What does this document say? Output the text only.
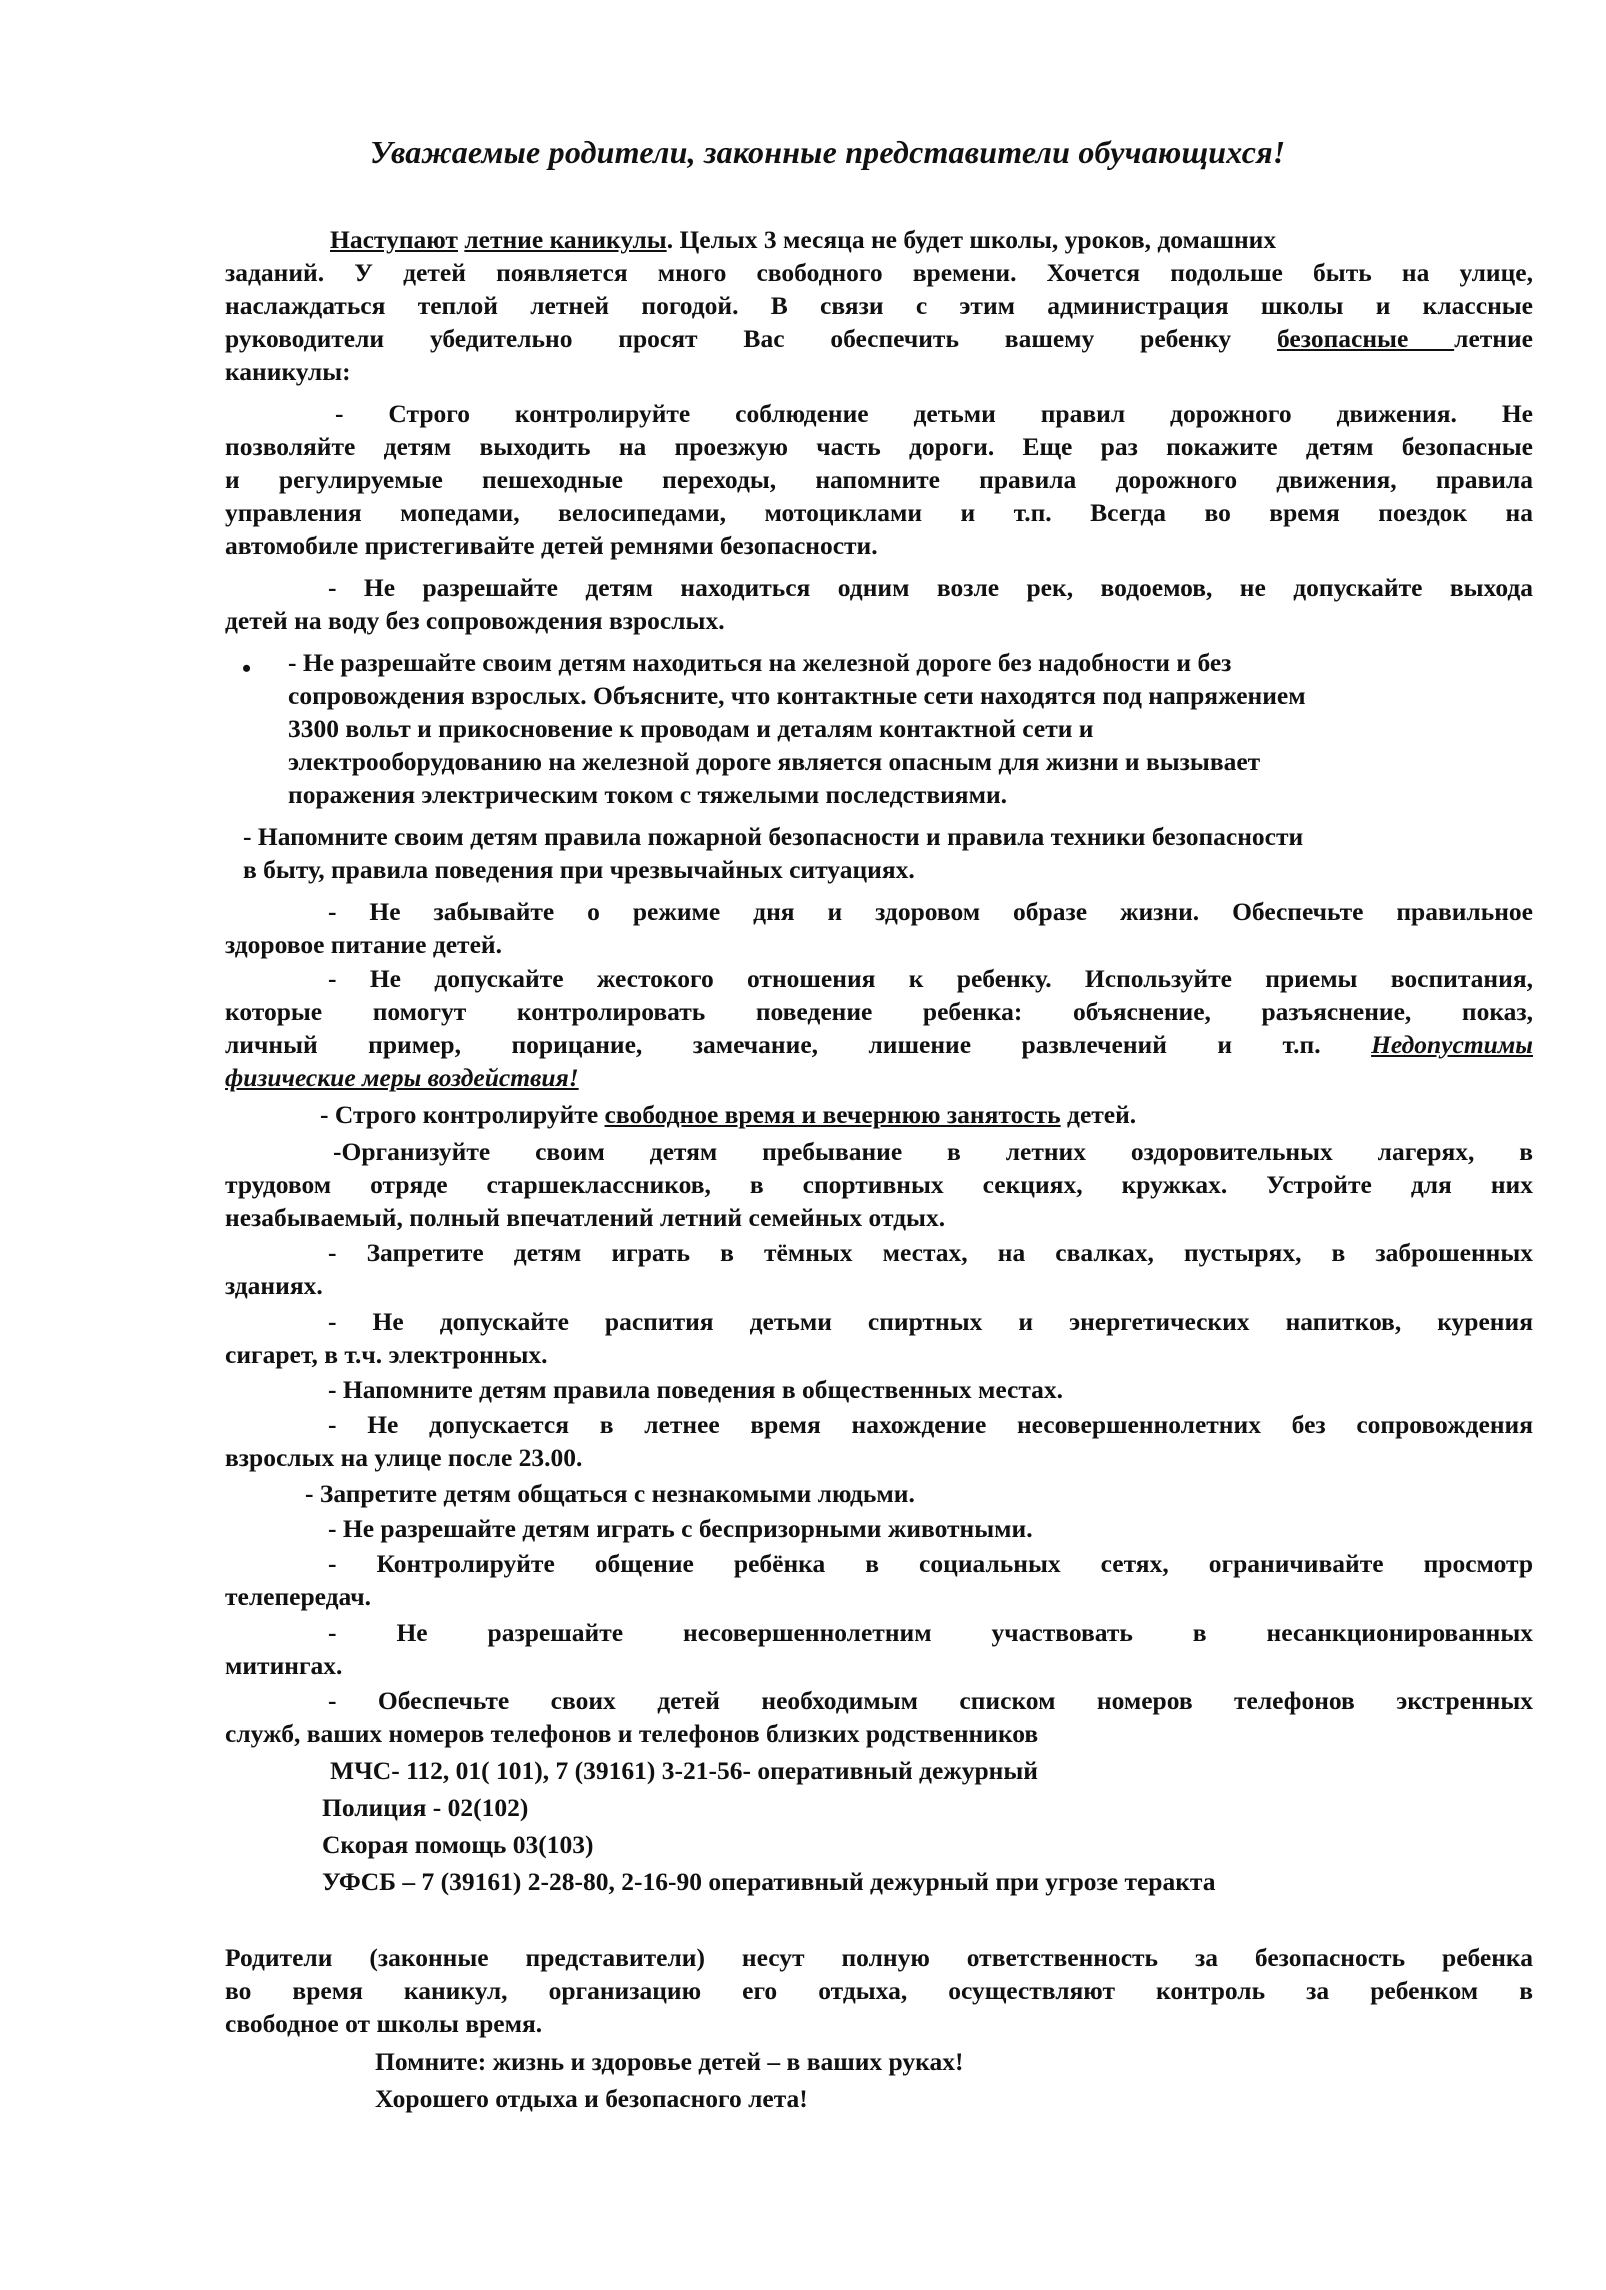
Уважаемые родители, законные представители обучающихся!
Наступают летние каникулы. Целых 3 месяца не будет школы, уроков, домашних
заданий. У детей появляется много свободного времени. Хочется подольше быть на улице,
наслаждаться теплой летней погодой. В связи с этим администрация школы и классные
руководители убедительно просят Вас обеспечить вашему ребенку безопасные летние
каникулы:
- Строго контролируйте соблюдение детьми правил дорожного движения. Не
позволяйте детям выходить на проезжую часть дороги. Еще раз покажите детям безопасные
и регулируемые пешеходные переходы, напомните правила дорожного движения, правила
управления мопедами, велосипедами, мотоциклами и т.п. Всегда во время поездок на
автомобиле пристегивайте детей ремнями безопасности.
- Не разрешайте детям находиться одним возле рек, водоемов, не допускайте выхода
детей на воду без сопровождения взрослых.
• - Не разрешайте своим детям находиться на железной дороге без надобности и без
сопровождения взрослых. Объясните, что контактные сети находятся под напряжением
3300 вольт и прикосновение к проводам и деталям контактной сети и
электрооборудованию на железной дороге является опасным для жизни и вызывает
поражения электрическим током с тяжелыми последствиями.
- Напомните своим детям правила пожарной безопасности и правила техники безопасности
в быту, правила поведения при чрезвычайных ситуациях.
- Не забывайте о режиме дня и здоровом образе жизни. Обеспечьте правильное
здоровое питание детей.
- Не допускайте жестокого отношения к ребенку. Используйте приемы воспитания,
которые помогут контролировать поведение ребенка: объяснение, разъяснение, показ,
личный пример, порицание, замечание, лишение развлечений и т.п. Недопустимы
физические меры воздействия!
- Строго контролируйте свободное время и вечернюю занятость детей.
-Организуйте своим детям пребывание в летних оздоровительных лагерях, в
трудовом отряде старшеклассников, в спортивных секциях, кружках. Устройте для них
незабываемый, полный впечатлений летний семейных отдых.
- Запретите детям играть в тёмных местах, на свалках, пустырях, в заброшенных
зданиях.
- Не допускайте распития детьми спиртных и энергетических напитков, курения
сигарет, в т.ч. электронных.
- Напомните детям правила поведения в общественных местах.
- Не допускается в летнее время нахождение несовершеннолетних без сопровождения
взрослых на улице после 23.00.
- Запретите детям общаться с незнакомыми людьми.
- Не разрешайте детям играть с беспризорными животными.
- Контролируйте общение ребёнка в социальных сетях, ограничивайте просмотр
телепередач.
- Не разрешайте несовершеннолетним участвовать в несанкционированных
митингах.
- Обеспечьте своих детей необходимым списком номеров телефонов экстренных
служб, ваших номеров телефонов и телефонов близких родственников
МЧС- 112, 01( 101), 7 (39161) 3-21-56- оперативный дежурный
Полиция - 02(102)
Скорая помощь 03(103)
УФСБ – 7 (39161) 2-28-80, 2-16-90 оперативный дежурный при угрозе теракта
Родители (законные представители) несут полную ответственность за безопасность ребенка
во время каникул, организацию его отдыха, осуществляют контроль за ребенком в
свободное от школы время.
Помните: жизнь и здоровье детей – в ваших руках!
Хорошего отдыха и безопасного лета!
